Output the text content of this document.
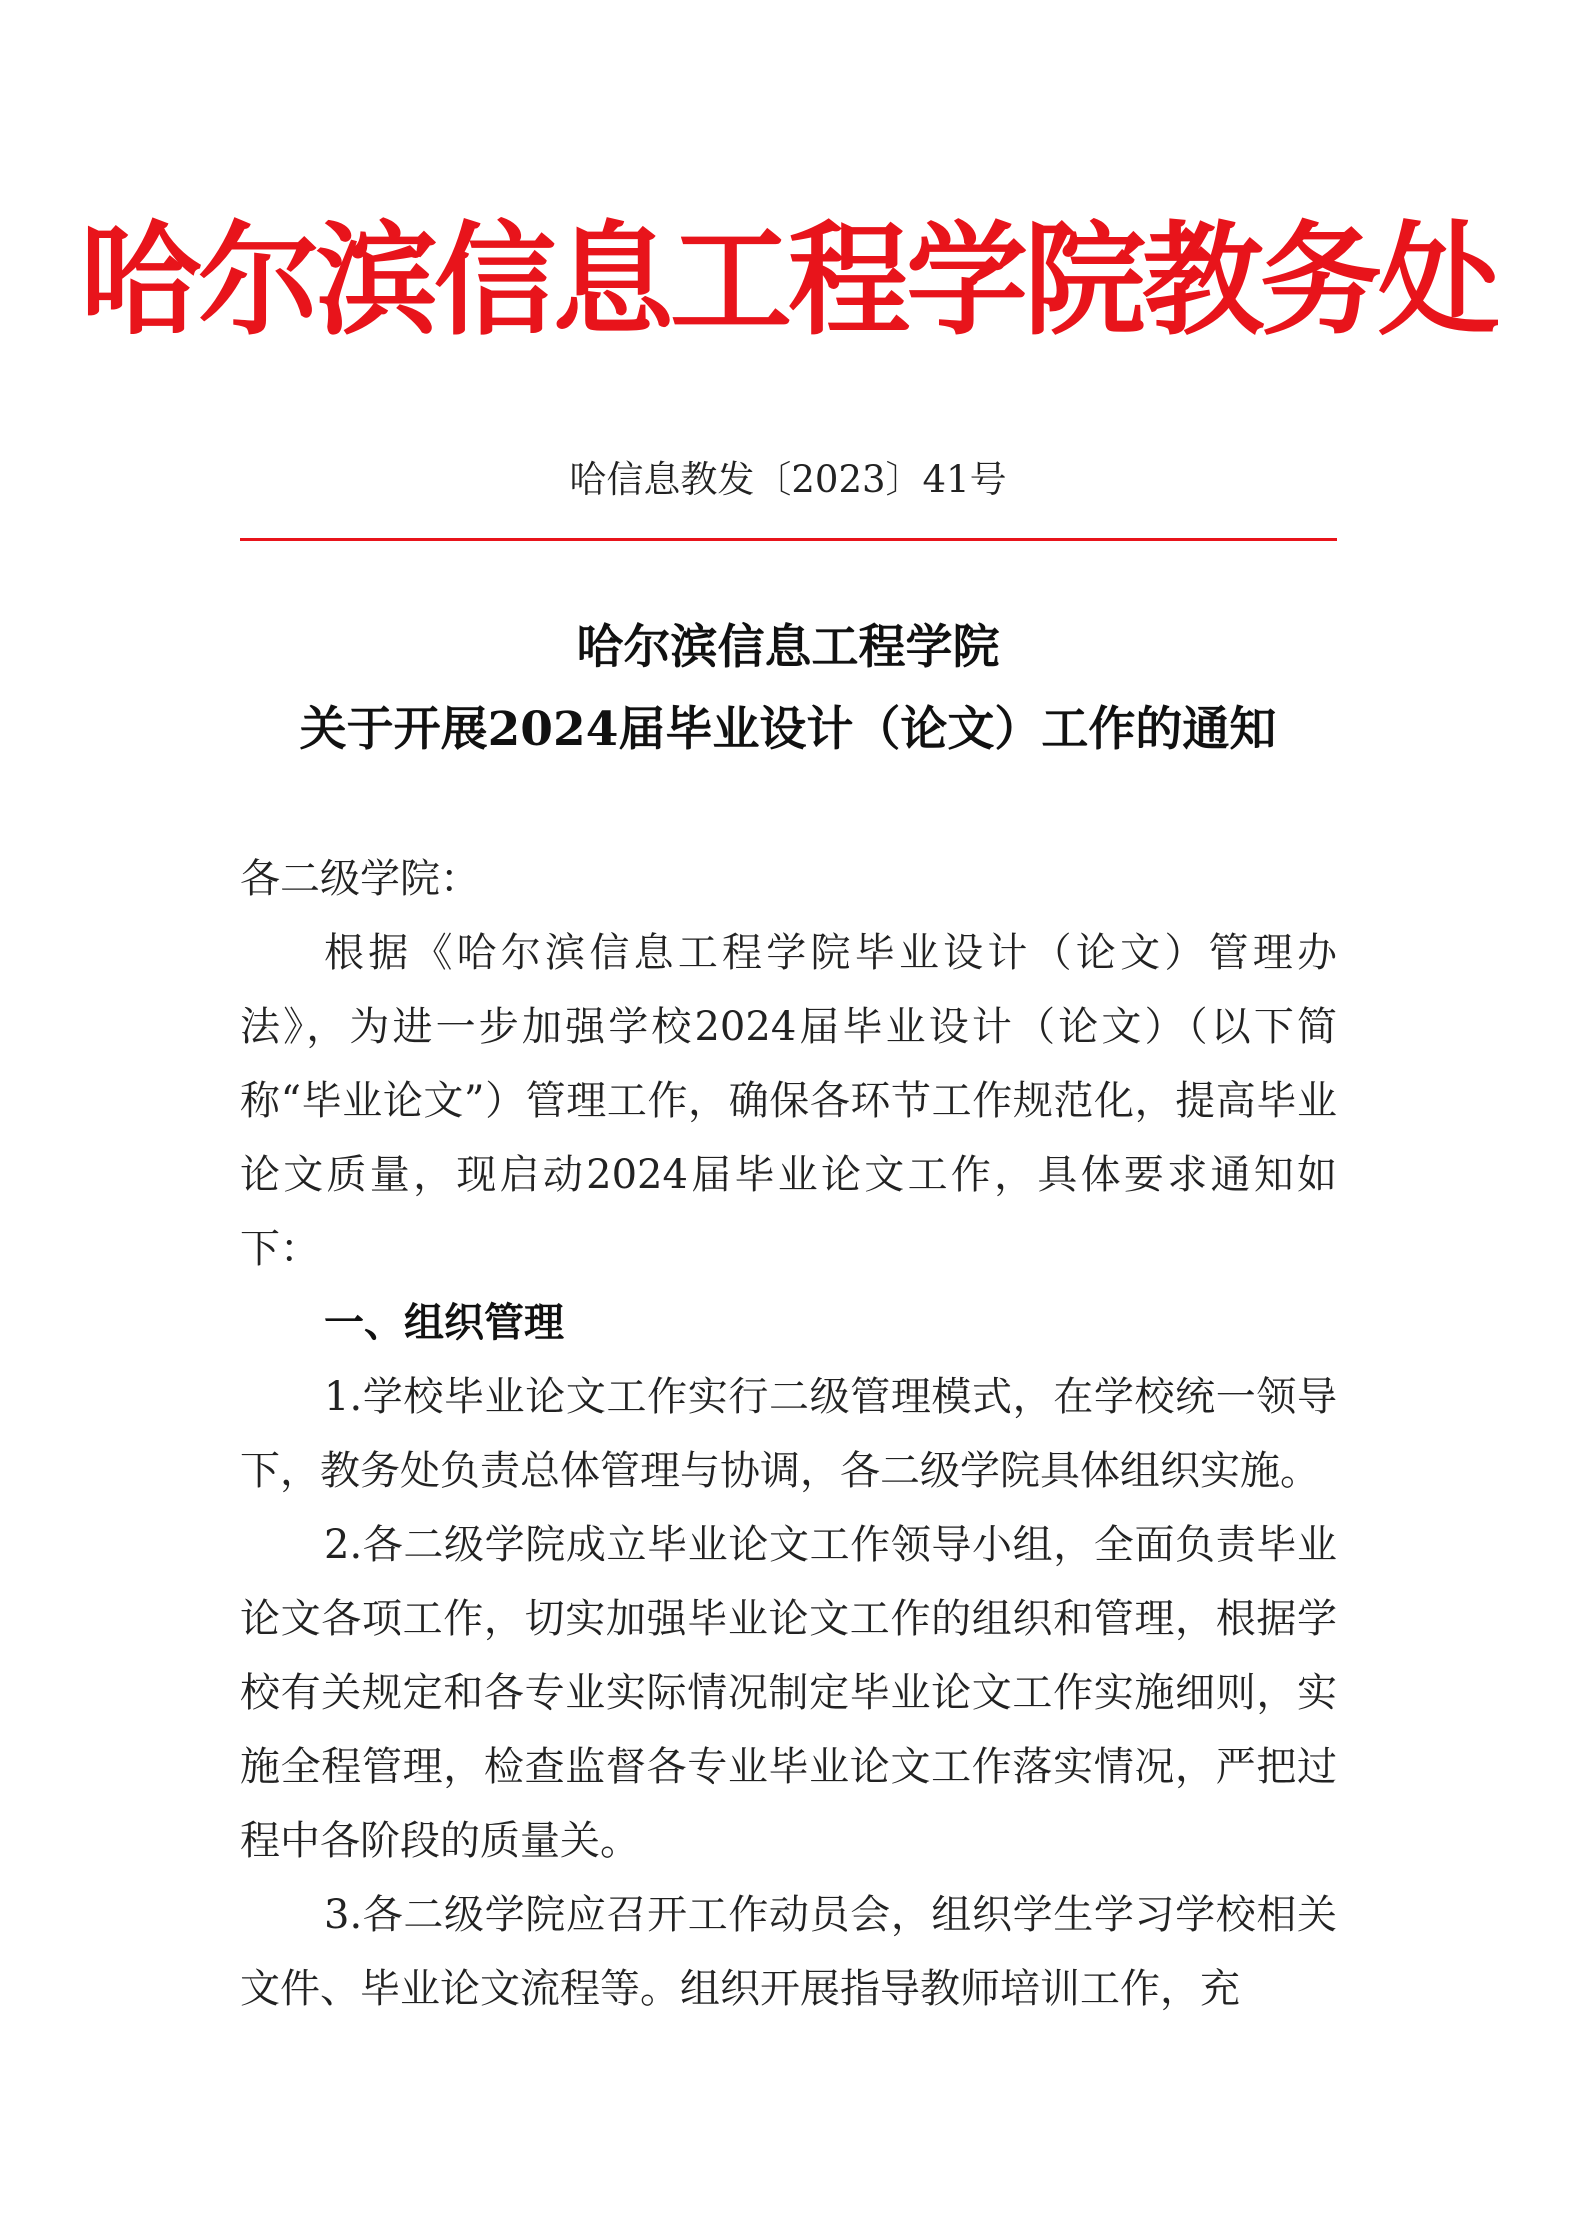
哈尔滨信息工程学院教务处
哈信息教发〔2023〕41号
哈尔滨信息工程学院
关于开展2024届毕业设计（论文）工作的通知

各二级学院：

根据《哈尔滨信息工程学院毕业设计（论文）管理办法》，为进一步加强学校2024届毕业设计（论文）（以下简称“毕业论文”）管理工作，确保各环节工作规范化，提高毕业论文质量，现启动2024届毕业论文工作，具体要求通知如下：

一、组织管理

1.学校毕业论文工作实行二级管理模式，在学校统一领导下，教务处负责总体管理与协调，各二级学院具体组织实施。

2.各二级学院成立毕业论文工作领导小组，全面负责毕业论文各项工作，切实加强毕业论文工作的组织和管理，根据学校有关规定和各专业实际情况制定毕业论文工作实施细则，实施全程管理，检查监督各专业毕业论文工作落实情况，严把过程中各阶段的质量关。

3.各二级学院应召开工作动员会，组织学生学习学校相关文件、毕业论文流程等。组织开展指导教师培训工作，充
